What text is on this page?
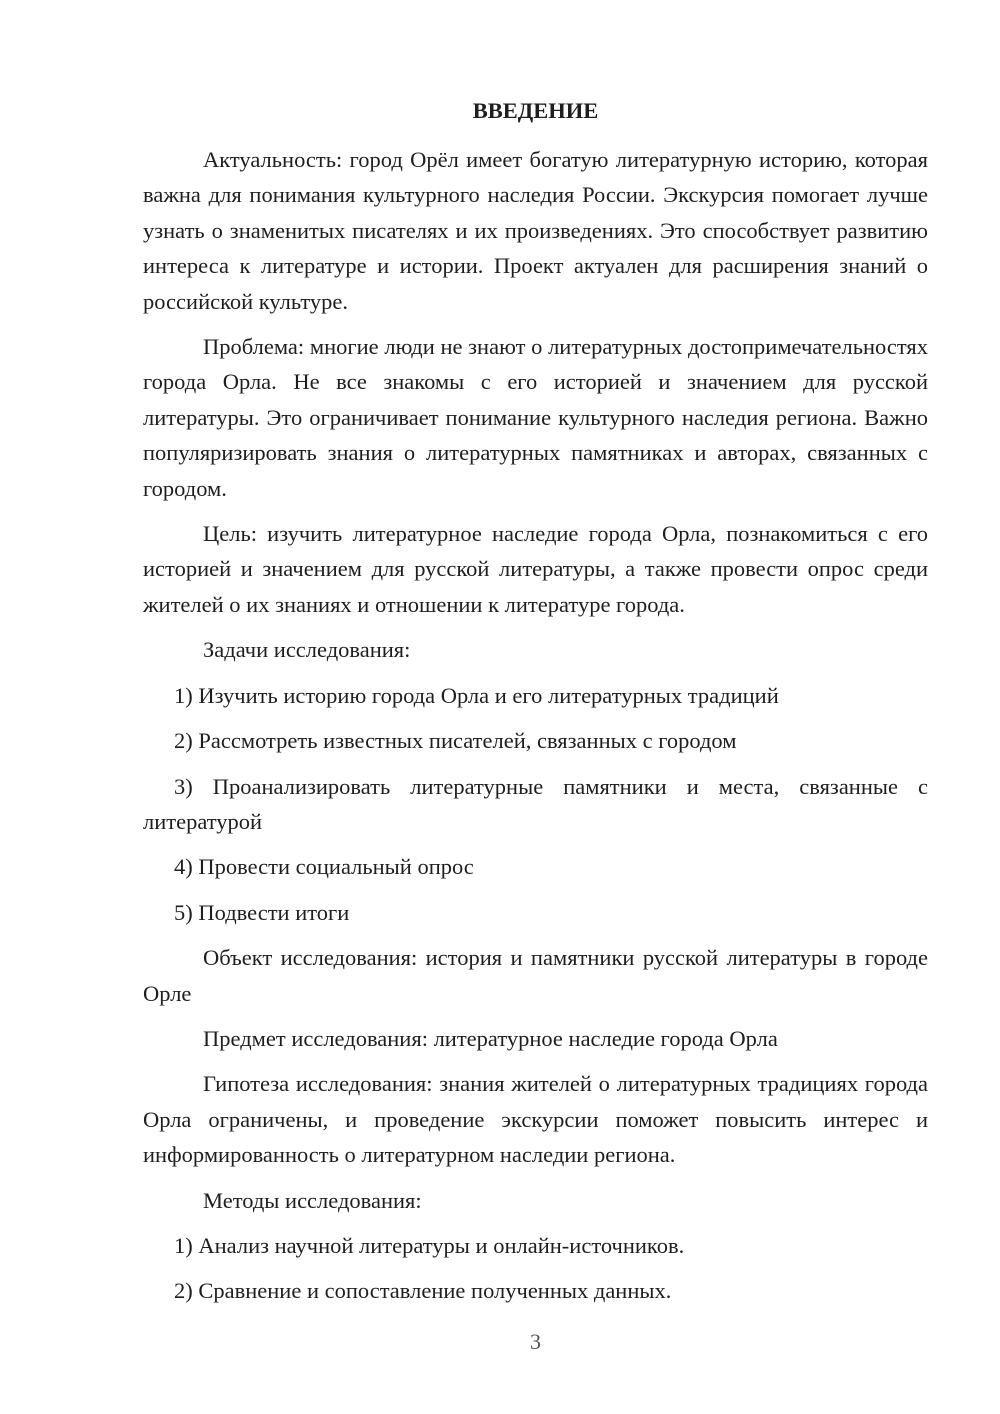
ВВЕДЕНИЕ

Актуальность: город Орёл имеет богатую литературную историю, которая важна для понимания культурного наследия России. Экскурсия помогает лучше узнать о знаменитых писателях и их произведениях. Это способствует развитию интереса к литературе и истории. Проект актуален для расширения знаний о российской культуре.

Проблема: многие люди не знают о литературных достопримечательностях города Орла. Не все знакомы с его историей и значением для русской литературы. Это ограничивает понимание культурного наследия региона. Важно популяризировать знания о литературных памятниках и авторах, связанных с городом.

Цель: изучить литературное наследие города Орла, познакомиться с его историей и значением для русской литературы, а также провести опрос среди жителей о их знаниях и отношении к литературе города.

Задачи исследования:

1) Изучить историю города Орла и его литературных традиций

2) Рассмотреть известных писателей, связанных с городом

3) Проанализировать литературные памятники и места, связанные с литературой

4) Провести социальный опрос

5) Подвести итоги

Объект исследования: история и памятники русской литературы в городе Орле

Предмет исследования: литературное наследие города Орла

Гипотеза исследования: знания жителей о литературных традициях города Орла ограничены, и проведение экскурсии поможет повысить интерес и информированность о литературном наследии региона.

Методы исследования:

1) Анализ научной литературы и онлайн-источников.

2) Сравнение и сопоставление полученных данных.

3
